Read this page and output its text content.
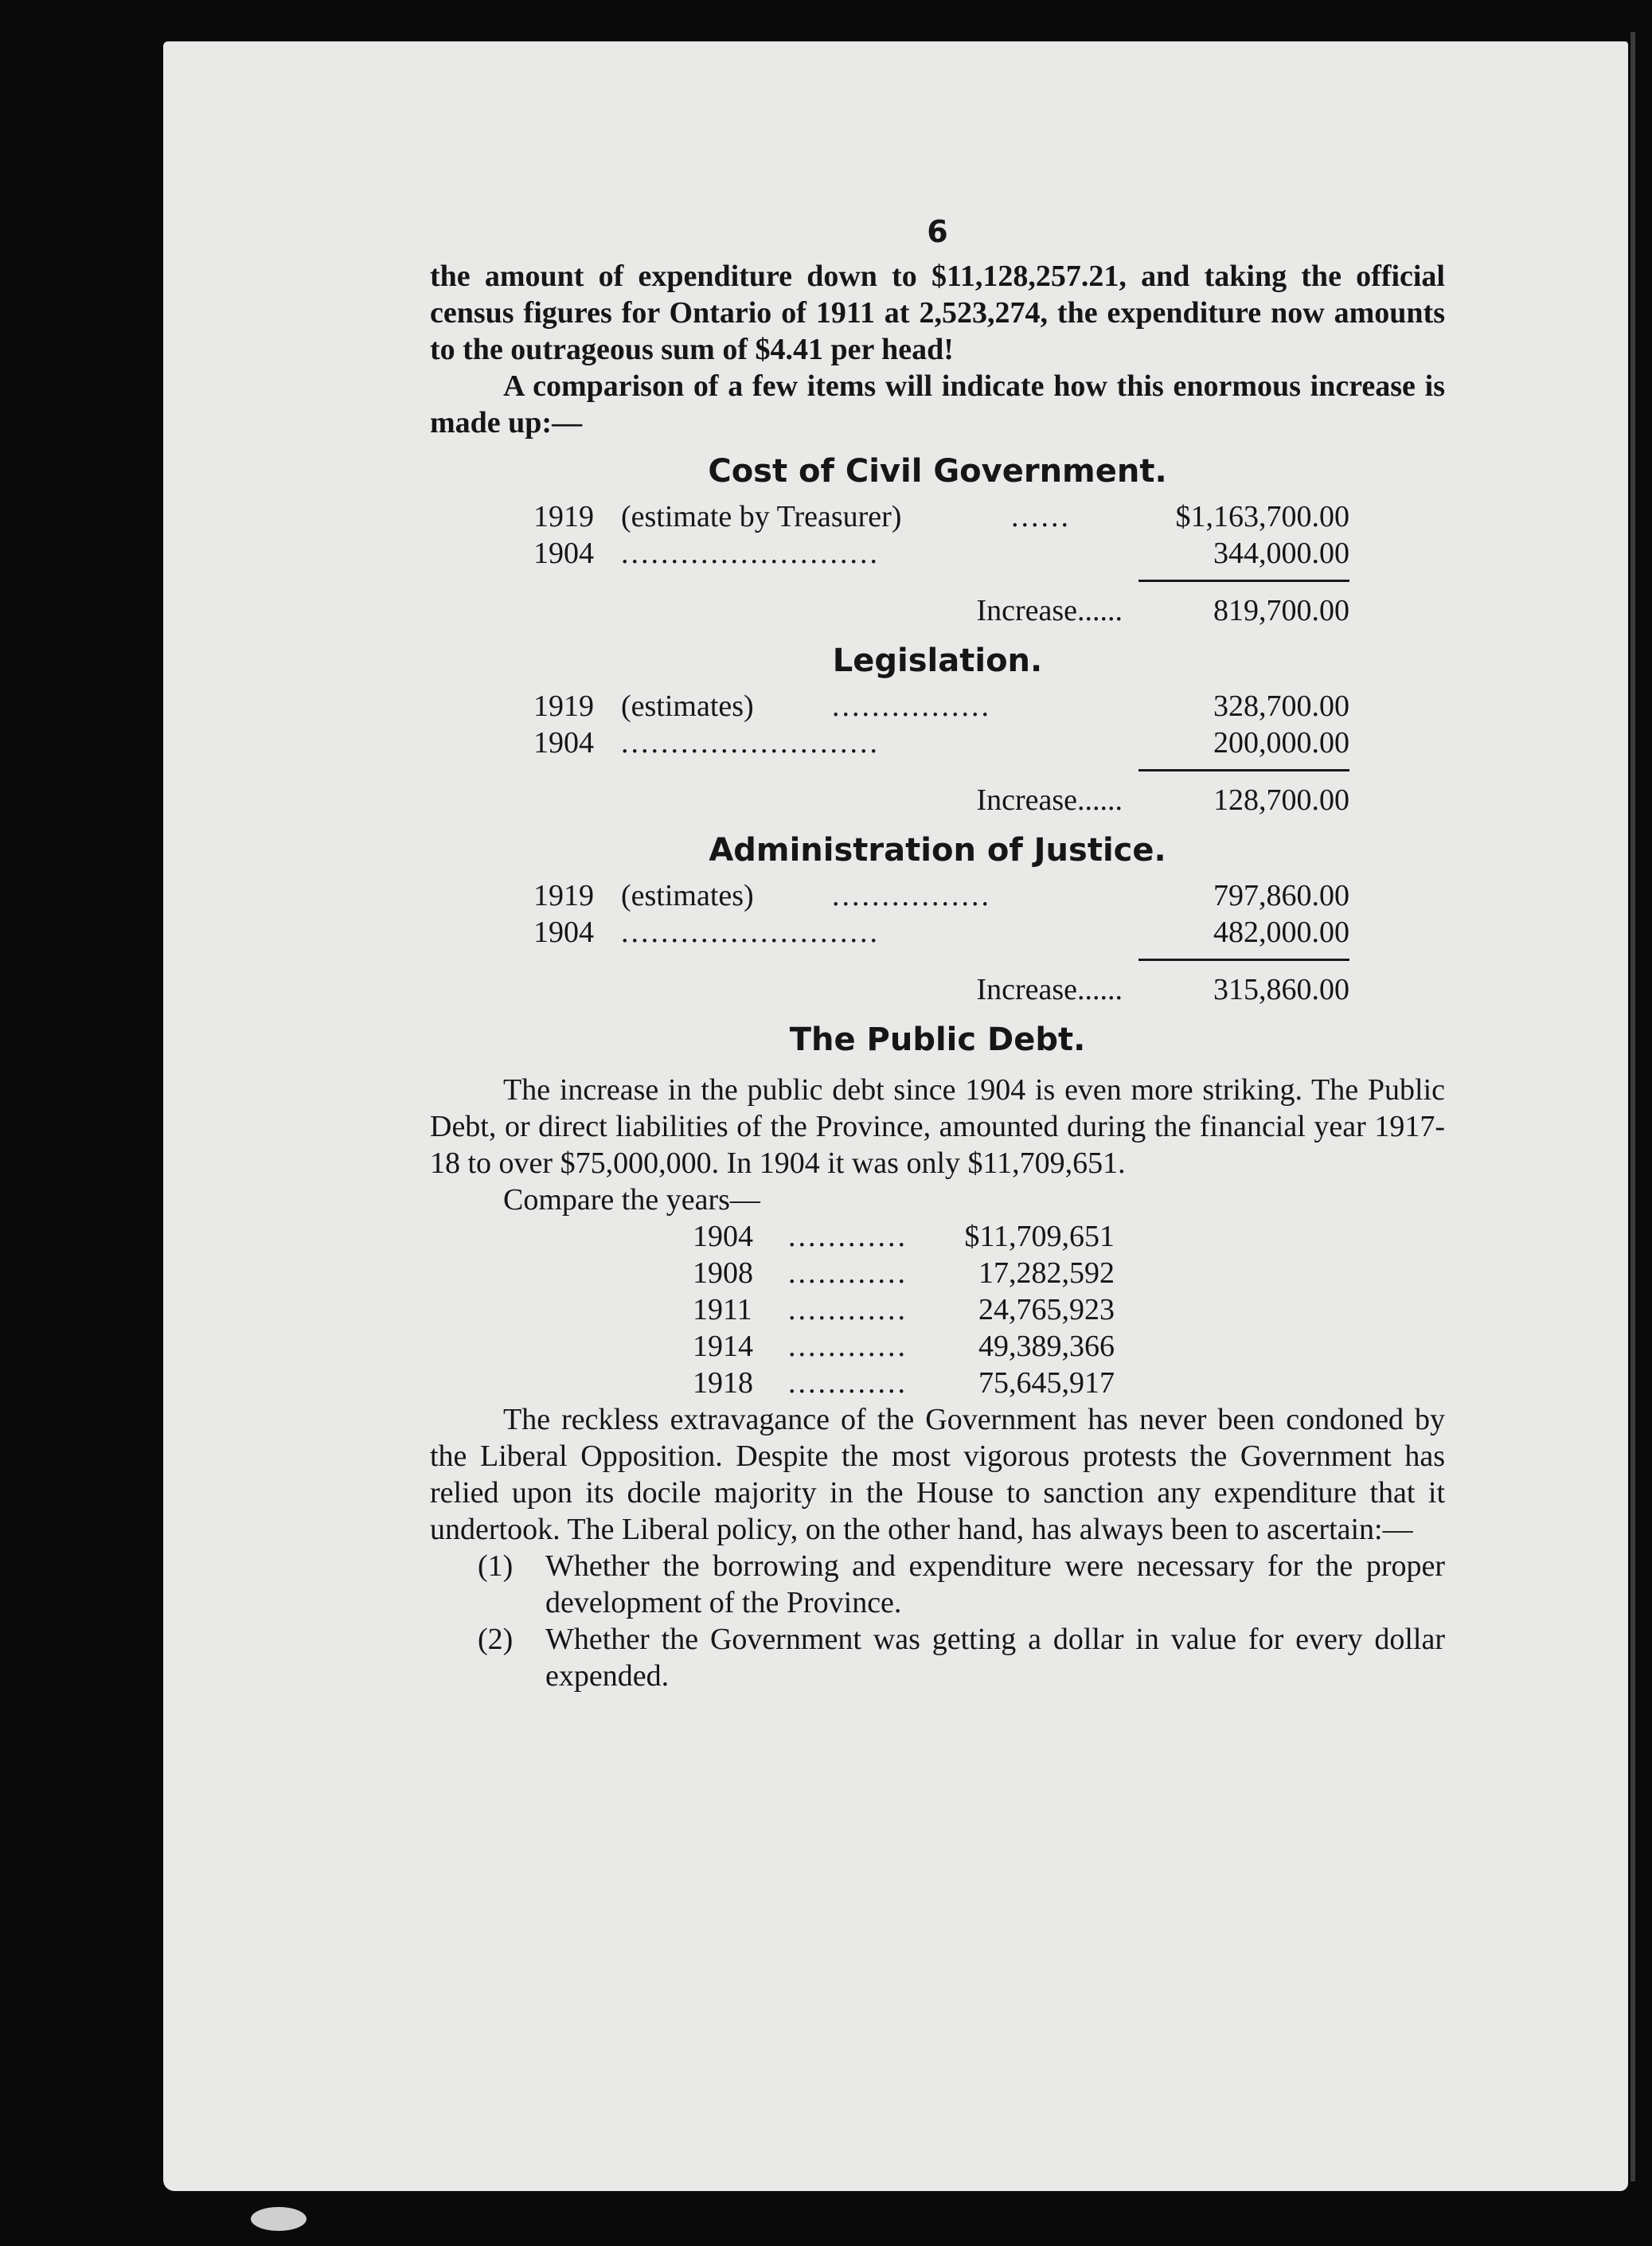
6

the amount of expenditure down to $11,128,257.21, and taking the official census figures for Ontario of 1911 at 2,523,274, the expenditure now amounts to the outrageous sum of $4.41 per head!

A comparison of a few items will indicate how this enormous increase is made up:—

Cost of Civil Government.
1919 (estimate by Treasurer)	......	$1,163,700.00
1904 ..........................	344,000.00
Increase......	819,700.00
Legislation.
1919 (estimates)	................	328,700.00
1904 ..........................	200,000.00
Increase......	128,700.00
Administration of Justice.
1919 (estimates)	................	797,860.00
1904 ..........................	482,000.00
Increase......	315,860.00
The Public Debt.

The increase in the public debt since 1904 is even more striking. The Public Debt, or direct liabilities of the Province, amounted during the financial year 1917-18 to over $75,000,000. In 1904 it was only $11,709,651.

Compare the years—

1904 ............ $11,709,651
1908 ............ 17,282,592
1911 ............ 24,765,923
1914 ............ 49,389,366
1918 ............ 75,645,917

The reckless extravagance of the Government has never been condoned by the Liberal Opposition. Despite the most vigorous protests the Government has relied upon its docile majority in the House to sanction any expenditure that it undertook. The Liberal policy, on the other hand, has always been to ascertain:—

(1) Whether the borrowing and expenditure were necessary for the proper development of the Province.
(2) Whether the Government was getting a dollar in value for every dollar expended.
